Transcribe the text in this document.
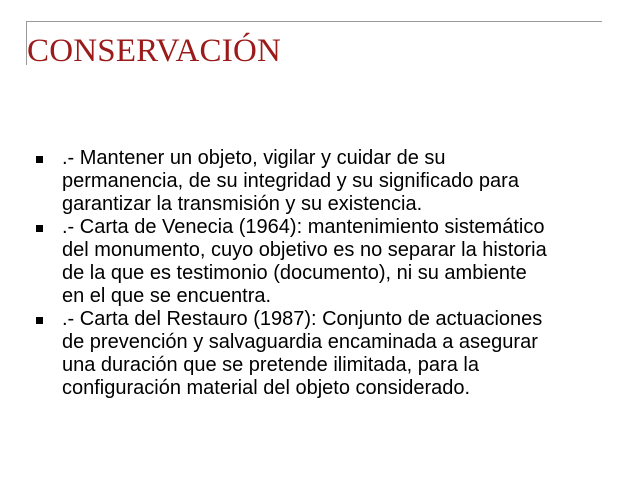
CONSERVACIÓN
.- Mantener un objeto, vigilar y cuidar de su
permanencia, de su integridad y su significado para
garantizar la transmisión y su existencia.
.- Carta de Venecia (1964): mantenimiento sistemático
del monumento, cuyo objetivo es no separar la historia
de la que es testimonio (documento), ni su ambiente
en el que se encuentra.
.- Carta del Restauro (1987): Conjunto de actuaciones
de prevención y salvaguardia encaminada a asegurar
una duración que se pretende ilimitada, para la
configuración material del objeto considerado.
